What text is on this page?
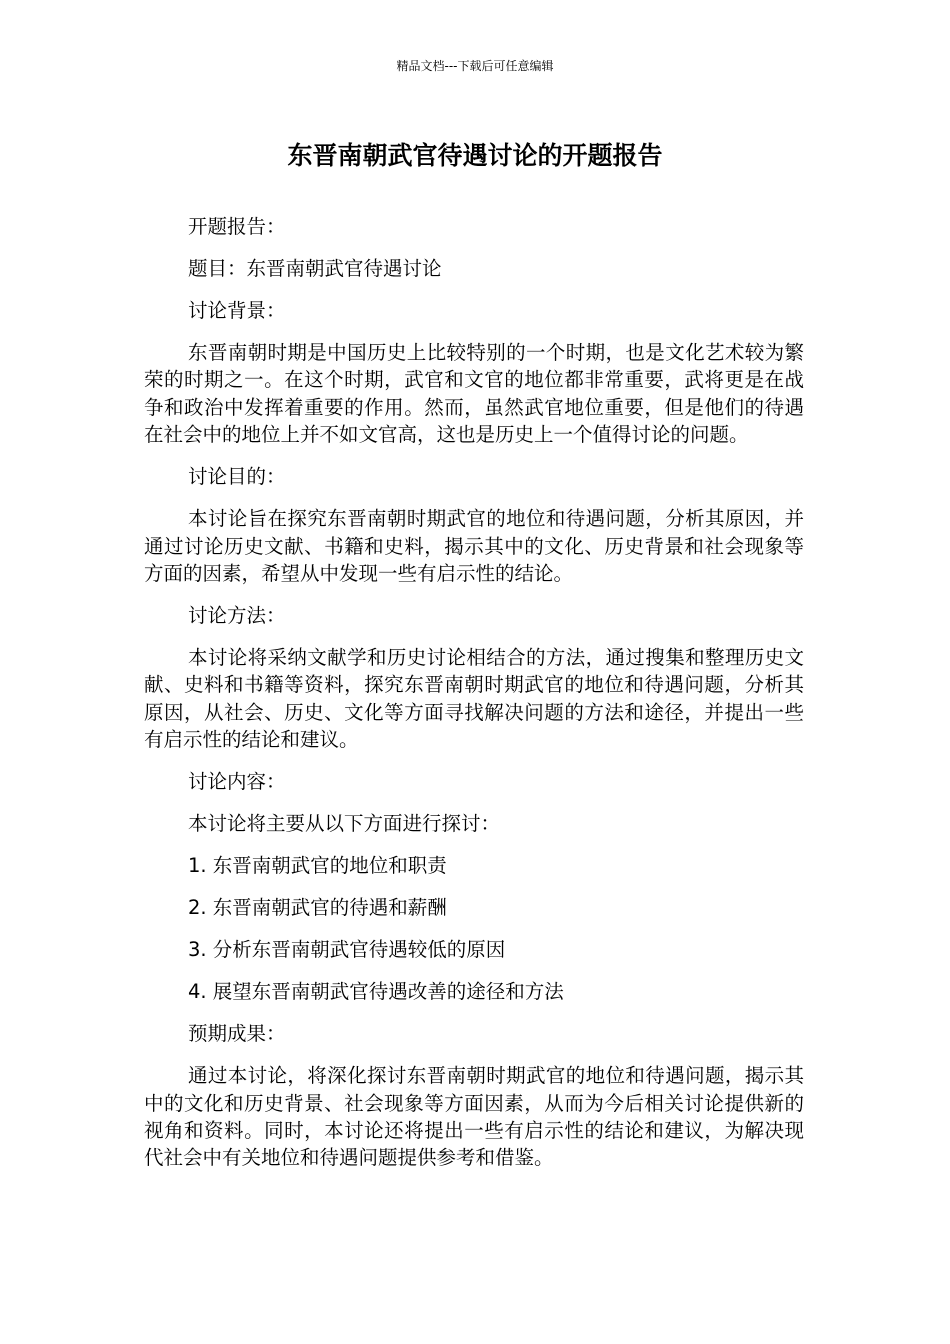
精品文档---下载后可任意编辑
东晋南朝武官待遇讨论的开题报告

开题报告：

题目：东晋南朝武官待遇讨论

讨论背景：

东晋南朝时期是中国历史上比较特别的一个时期，也是文化艺术较为繁荣的时期之一。在这个时期，武官和文官的地位都非常重要，武将更是在战争和政治中发挥着重要的作用。然而，虽然武官地位重要，但是他们的待遇在社会中的地位上并不如文官高，这也是历史上一个值得讨论的问题。

讨论目的：

本讨论旨在探究东晋南朝时期武官的地位和待遇问题，分析其原因，并通过讨论历史文献、书籍和史料，揭示其中的文化、历史背景和社会现象等方面的因素，希望从中发现一些有启示性的结论。

讨论方法：

本讨论将采纳文献学和历史讨论相结合的方法，通过搜集和整理历史文献、史料和书籍等资料，探究东晋南朝时期武官的地位和待遇问题，分析其原因，从社会、历史、文化等方面寻找解决问题的方法和途径，并提出一些有启示性的结论和建议。

讨论内容：

本讨论将主要从以下方面进行探讨：

1. 东晋南朝武官的地位和职责

2. 东晋南朝武官的待遇和薪酬

3. 分析东晋南朝武官待遇较低的原因

4. 展望东晋南朝武官待遇改善的途径和方法

预期成果：

通过本讨论，将深化探讨东晋南朝时期武官的地位和待遇问题，揭示其中的文化和历史背景、社会现象等方面因素，从而为今后相关讨论提供新的视角和资料。同时，本讨论还将提出一些有启示性的结论和建议，为解决现代社会中有关地位和待遇问题提供参考和借鉴。
